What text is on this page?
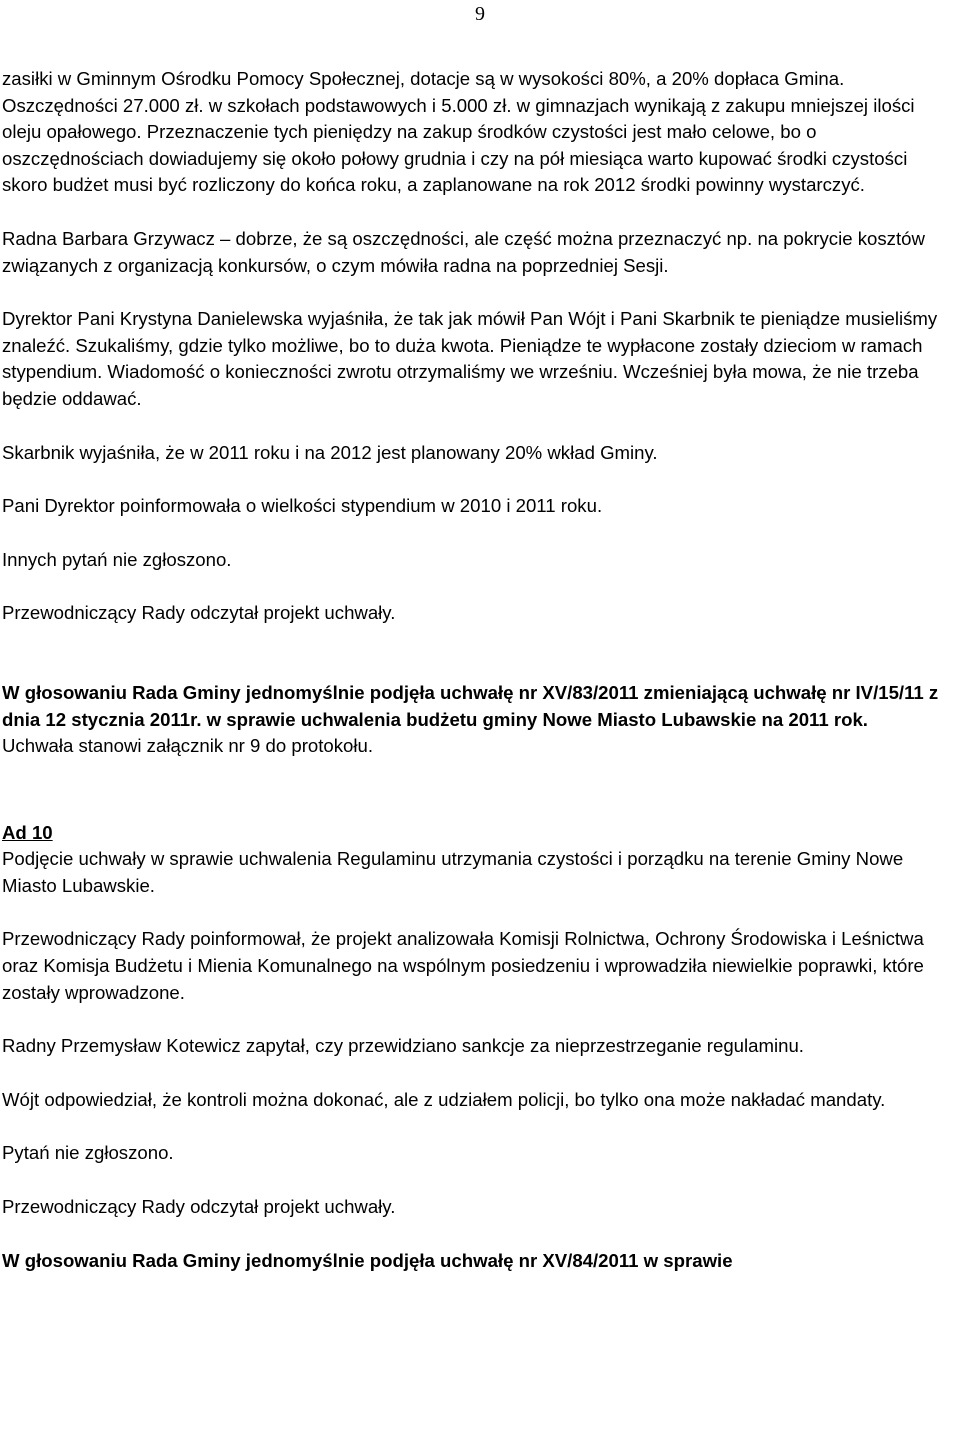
9

zasiłki w Gminnym Ośrodku Pomocy Społecznej, dotacje są w wysokości 80%, a 20% dopłaca Gmina. Oszczędności 27.000 zł. w szkołach podstawowych i 5.000 zł. w gimnazjach wynikają z zakupu mniejszej ilości oleju opałowego. Przeznaczenie tych pieniędzy na zakup środków czystości jest mało celowe, bo o oszczędnościach dowiadujemy się około połowy grudnia i czy na pół miesiąca warto kupować środki czystości skoro budżet musi być rozliczony do końca roku, a zaplanowane na rok 2012 środki powinny wystarczyć.

Radna Barbara Grzywacz – dobrze, że są oszczędności, ale część można przeznaczyć np. na pokrycie kosztów związanych z organizacją konkursów, o czym mówiła radna na poprzedniej Sesji.

Dyrektor Pani Krystyna Danielewska wyjaśniła, że tak jak mówił Pan Wójt i Pani Skarbnik te pieniądze musieliśmy znaleźć. Szukaliśmy, gdzie tylko możliwe, bo to duża kwota. Pieniądze te wypłacone zostały dzieciom w ramach stypendium. Wiadomość o konieczności zwrotu otrzymaliśmy we wrześniu. Wcześniej była mowa, że nie trzeba będzie oddawać.

Skarbnik wyjaśniła, że w 2011 roku i na 2012 jest planowany 20% wkład Gminy.

Pani Dyrektor poinformowała o wielkości stypendium w 2010 i 2011 roku.

Innych pytań nie zgłoszono.

Przewodniczący Rady odczytał projekt uchwały.

W głosowaniu Rada Gminy jednomyślnie podjęła uchwałę nr XV/83/2011 zmieniającą uchwałę nr IV/15/11 z dnia 12 stycznia 2011r. w sprawie uchwalenia budżetu gminy Nowe Miasto Lubawskie na 2011 rok.

Uchwała stanowi załącznik nr 9 do protokołu.

Ad 10

Podjęcie uchwały w sprawie uchwalenia Regulaminu utrzymania czystości i porządku na terenie Gminy Nowe Miasto Lubawskie.

Przewodniczący Rady poinformował, że projekt analizowała Komisji Rolnictwa, Ochrony Środowiska i Leśnictwa oraz Komisja Budżetu i Mienia Komunalnego na wspólnym posiedzeniu i wprowadziła niewielkie poprawki, które zostały wprowadzone.

Radny Przemysław Kotewicz zapytał, czy przewidziano sankcje za nieprzestrzeganie regulaminu.

Wójt odpowiedział, że kontroli można dokonać, ale z udziałem policji, bo tylko ona może nakładać mandaty.

Pytań nie zgłoszono.

Przewodniczący Rady odczytał projekt uchwały.

W głosowaniu Rada Gminy jednomyślnie podjęła uchwałę nr XV/84/2011 w sprawie
